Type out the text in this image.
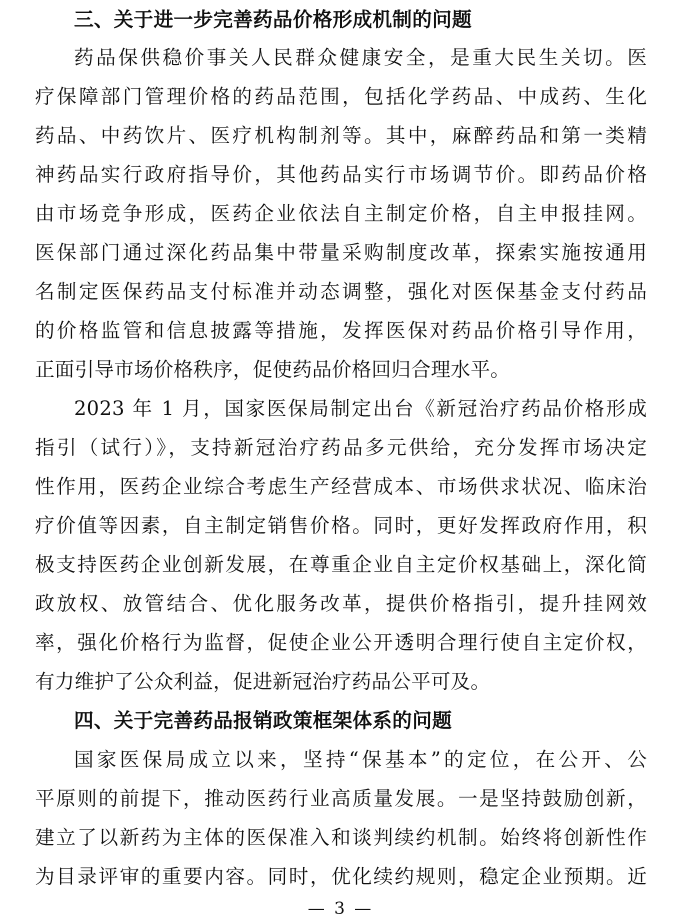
三、关于进一步完善药品价格形成机制的问题
药品保供稳价事关人民群众健康安全，是重大民生关切。医
疗保障部门管理价格的药品范围，包括化学药品、中成药、生化
药品、中药饮片、医疗机构制剂等。其中，麻醉药品和第一类精
神药品实行政府指导价，其他药品实行市场调节价。即药品价格
由市场竞争形成，医药企业依法自主制定价格，自主申报挂网。
医保部门通过深化药品集中带量采购制度改革，探索实施按通用
名制定医保药品支付标准并动态调整，强化对医保基金支付药品
的价格监管和信息披露等措施，发挥医保对药品价格引导作用，
正面引导市场价格秩序，促使药品价格回归合理水平。
2023 年 1 月，国家医保局制定出台《新冠治疗药品价格形成
指引（试行）》，支持新冠治疗药品多元供给，充分发挥市场决定
性作用，医药企业综合考虑生产经营成本、市场供求状况、临床治
疗价值等因素，自主制定销售价格。同时，更好发挥政府作用，积
极支持医药企业创新发展，在尊重企业自主定价权基础上，深化简
政放权、放管结合、优化服务改革，提供价格指引，提升挂网效
率，强化价格行为监督，促使企业公开透明合理行使自主定价权，
有力维护了公众利益，促进新冠治疗药品公平可及。
四、关于完善药品报销政策框架体系的问题
国家医保局成立以来，坚持“保基本”的定位，在公开、公
平原则的前提下，推动医药行业高质量发展。一是坚持鼓励创新，
建立了以新药为主体的医保准入和谈判续约机制。始终将创新性作
为目录评审的重要内容。同时，优化续约规则，稳定企业预期。近
— 3 —
